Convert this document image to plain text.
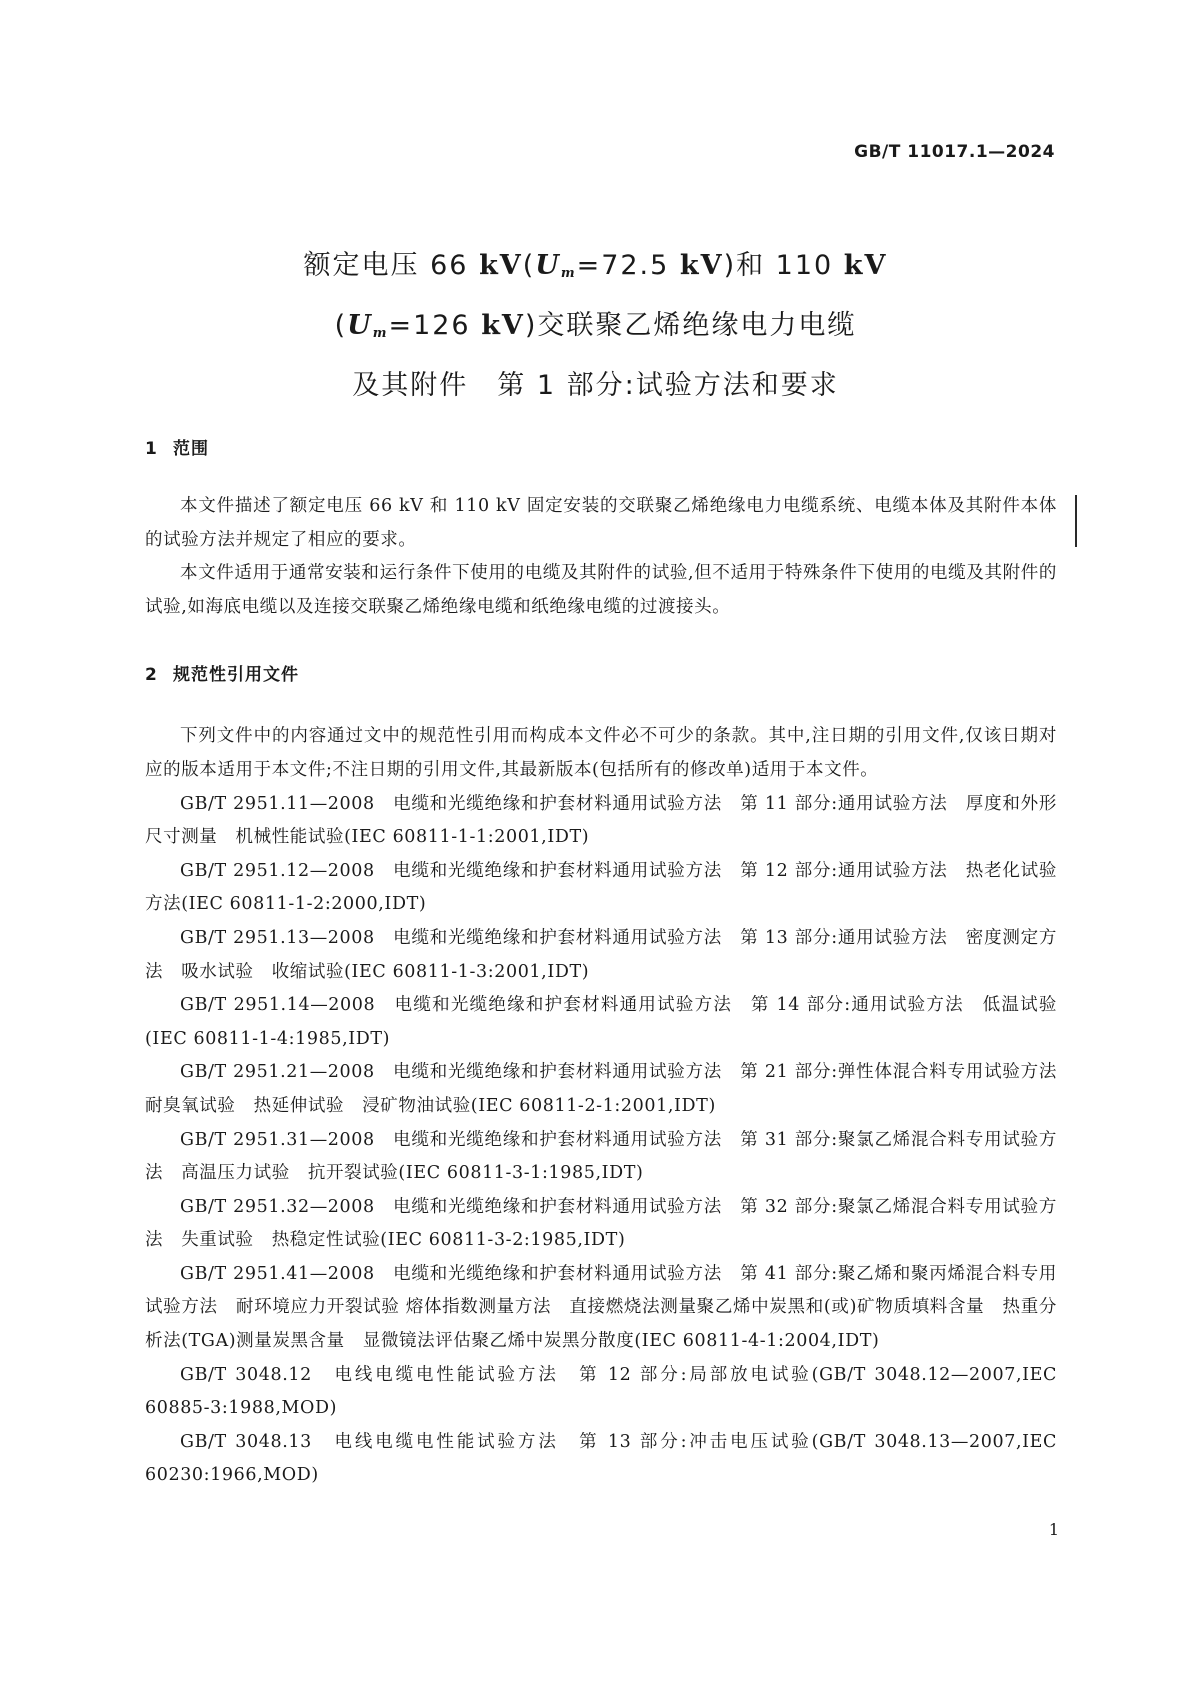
GB/T 11017.1—2024
额定电压 66 $kV(U_m=72.5$ kV)和 110 kV
($U_m=126$ kV)交联聚乙烯绝缘电力电缆
及其附件　第 1 部分:试验方法和要求
1 范围

本文件描述了额定电压 66 kV 和 110 kV 固定安装的交联聚乙烯绝缘电力电缆系统、电缆本体及其附件本体的试验方法并规定了相应的要求。

本文件适用于通常安装和运行条件下使用的电缆及其附件的试验,但不适用于特殊条件下使用的电缆及其附件的试验,如海底电缆以及连接交联聚乙烯绝缘电缆和纸绝缘电缆的过渡接头。

2 规范性引用文件

下列文件中的内容通过文中的规范性引用而构成本文件必不可少的条款。其中,注日期的引用文件,仅该日期对应的版本适用于本文件;不注日期的引用文件,其最新版本(包括所有的修改单)适用于本文件。

GB/T 2951.11—2008　电缆和光缆绝缘和护套材料通用试验方法　第 11 部分:通用试验方法　厚度和外形尺寸测量　机械性能试验(IEC 60811-1-1:2001,IDT)

GB/T 2951.12—2008　电缆和光缆绝缘和护套材料通用试验方法　第 12 部分:通用试验方法　热老化试验方法(IEC 60811-1-2:2000,IDT)

GB/T 2951.13—2008　电缆和光缆绝缘和护套材料通用试验方法　第 13 部分:通用试验方法　密度测定方法　吸水试验　收缩试验(IEC 60811-1-3:2001,IDT)

GB/T 2951.14—2008　电缆和光缆绝缘和护套材料通用试验方法　第 14 部分:通用试验方法　低温试验(IEC 60811-1-4:1985,IDT)

GB/T 2951.21—2008　电缆和光缆绝缘和护套材料通用试验方法　第 21 部分:弹性体混合料专用试验方法　耐臭氧试验　热延伸试验　浸矿物油试验(IEC 60811-2-1:2001,IDT)

GB/T 2951.31—2008　电缆和光缆绝缘和护套材料通用试验方法　第 31 部分:聚氯乙烯混合料专用试验方法　高温压力试验　抗开裂试验(IEC 60811-3-1:1985,IDT)

GB/T 2951.32—2008　电缆和光缆绝缘和护套材料通用试验方法　第 32 部分:聚氯乙烯混合料专用试验方法　失重试验　热稳定性试验(IEC 60811-3-2:1985,IDT)

GB/T 2951.41—2008　电缆和光缆绝缘和护套材料通用试验方法　第 41 部分:聚乙烯和聚丙烯混合料专用试验方法　耐环境应力开裂试验 熔体指数测量方法　直接燃烧法测量聚乙烯中炭黑和(或)矿物质填料含量　热重分析法(TGA)测量炭黑含量　显微镜法评估聚乙烯中炭黑分散度(IEC 60811-4-1:2004,IDT)

GB/T 3048.12　电线电缆电性能试验方法　第 12 部分:局部放电试验(GB/T 3048.12—2007,IEC 60885-3:1988,MOD)

GB/T 3048.13　电线电缆电性能试验方法　第 13 部分:冲击电压试验(GB/T 3048.13—2007,IEC 60230:1966,MOD)

1
